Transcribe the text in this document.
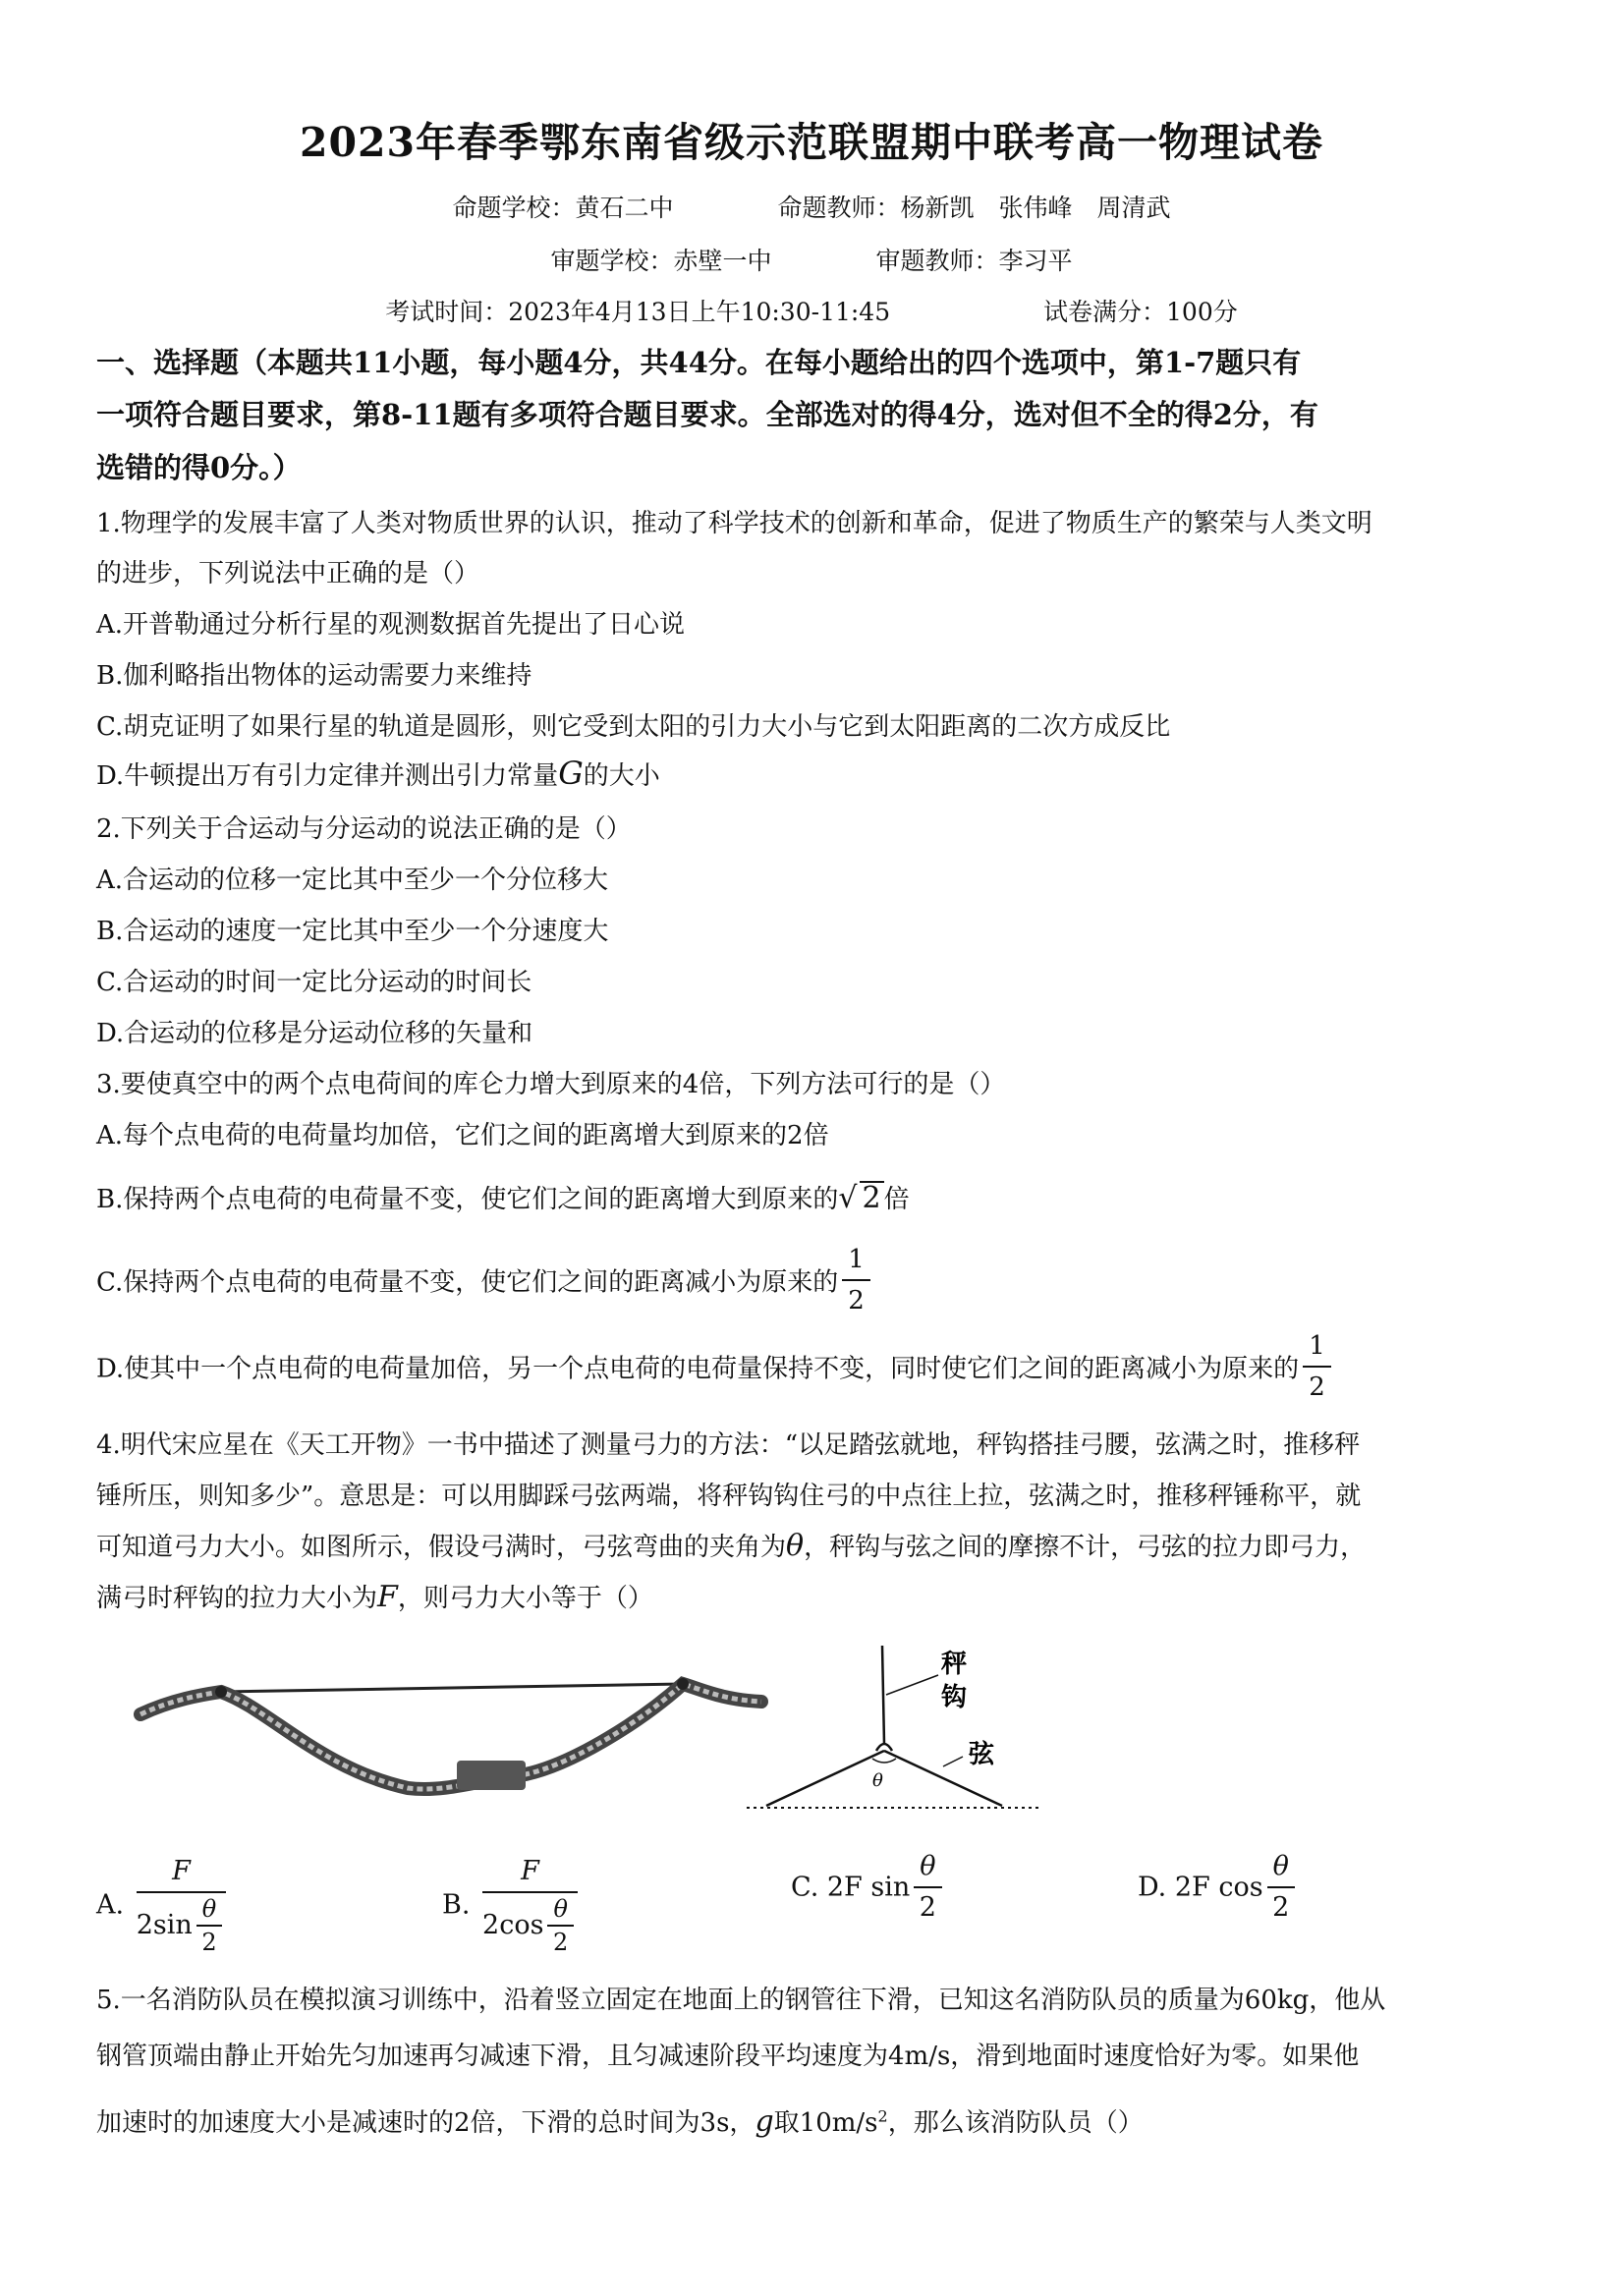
2023年春季鄂东南省级示范联盟期中联考高一物理试卷
命题学校：黄石二中	命题教师：杨新凯　张伟峰　周清武
审题学校：赤壁一中	审题教师：李习平
考试时间：2023年4月13日上午10:30-11:45	试卷满分：100分
一、选择题（本题共11小题，每小题4分，共44分。在每小题给出的四个选项中，第1-7题只有
一项符合题目要求，第8-11题有多项符合题目要求。全部选对的得4分，选对但不全的得2分，有
选错的得0分。）
1.物理学的发展丰富了人类对物质世界的认识，推动了科学技术的创新和革命，促进了物质生产的繁荣与人类文明
的进步，下列说法中正确的是（）
A.开普勒通过分析行星的观测数据首先提出了日心说
B.伽利略指出物体的运动需要力来维持
C.胡克证明了如果行星的轨道是圆形，则它受到太阳的引力大小与它到太阳距离的二次方成反比
D.牛顿提出万有引力定律并测出引力常量G的大小
2.下列关于合运动与分运动的说法正确的是（）
A.合运动的位移一定比其中至少一个分位移大
B.合运动的速度一定比其中至少一个分速度大
C.合运动的时间一定比分运动的时间长
D.合运动的位移是分运动位移的矢量和
3.要使真空中的两个点电荷间的库仑力增大到原来的4倍，下列方法可行的是（）
A.每个点电荷的电荷量均加倍，它们之间的距离增大到原来的2倍
B.保持两个点电荷的电荷量不变，使它们之间的距离增大到原来的√ 2 倍
C.保持两个点电荷的电荷量不变，使它们之间的距离减小为原来的 $\frac{1}{2}$
D.使其中一个点电荷的电荷量加倍，另一个点电荷的电荷量保持不变，同时使它们之间的距离减小为原来的 $\frac{1}{2}$
4.明代宋应星在《天工开物》一书中描述了测量弓力的方法：“以足踏弦就地，秤钩搭挂弓腰，弦满之时，推移秤
锤所压，则知多少”。意思是：可以用脚踩弓弦两端，将秤钩钩住弓的中点往上拉，弦满之时，推移秤锤称平，就
可知道弓力大小。如图所示，假设弓满时，弓弦弯曲的夹角为θ，秤钩与弦之间的摩擦不计，弓弦的拉力即弓力，
满弓时秤钩的拉力大小为F，则弓力大小等于（）
秤
钩
弦
θ
A. $\frac{F}{2\sin \frac{\theta}{2}}$	B. $\frac{F}{2\cos \frac{\theta}{2}}$	C. 2F $\sin \frac{\theta}{2}$	D. 2F $\cos \frac{\theta}{2}$
5.一名消防队员在模拟演习训练中，沿着竖立固定在地面上的钢管往下滑，已知这名消防队员的质量为60kg，他从
钢管顶端由静止开始先匀加速再匀减速下滑，且匀减速阶段平均速度为4m/s，滑到地面时速度恰好为零。如果他
加速时的加速度大小是减速时的2倍，下滑的总时间为3s，g取$10m/s^2$，那么该消防队员（）
